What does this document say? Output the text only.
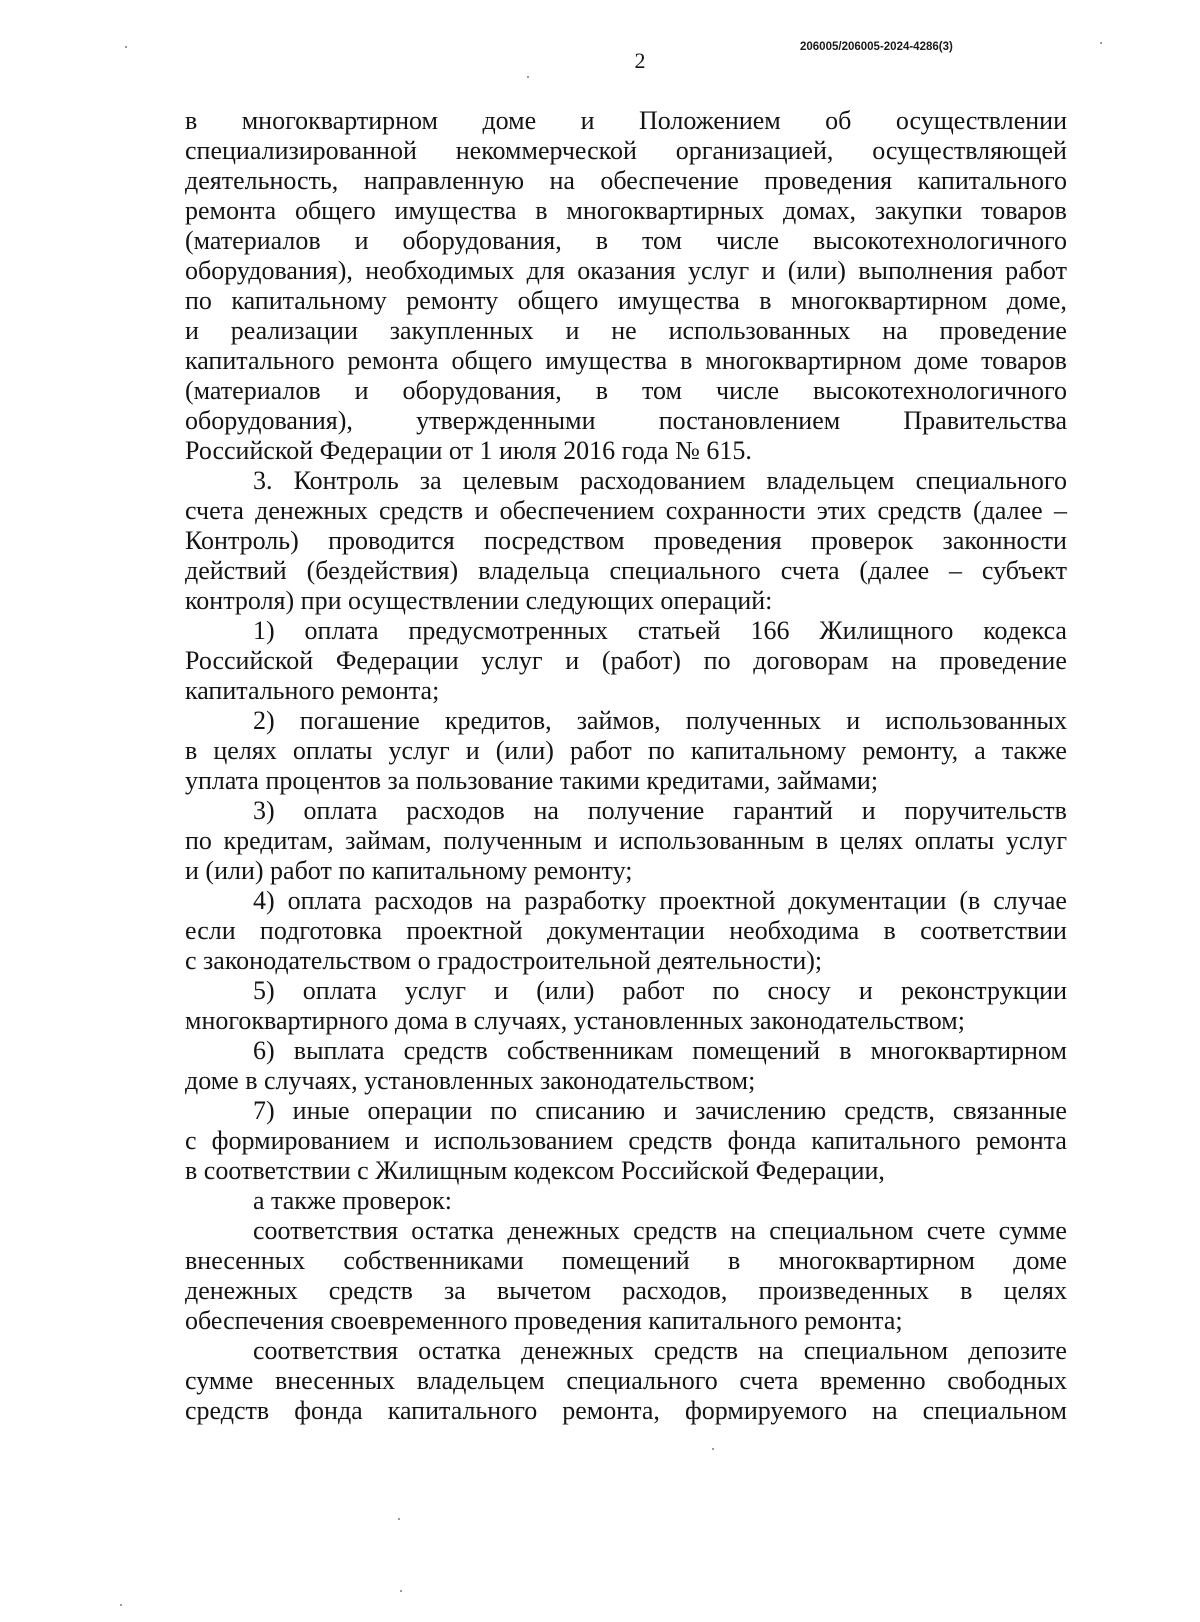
2
206005/206005-2024-4286(3)
в многоквартирном доме и Положением об осуществлении
специализированной некоммерческой организацией, осуществляющей
деятельность, направленную на обеспечение проведения капитального
ремонта общего имущества в многоквартирных домах, закупки товаров
(материалов и оборудования, в том числе высокотехнологичного
оборудования), необходимых для оказания услуг и (или) выполнения работ
по капитальному ремонту общего имущества в многоквартирном доме,
и реализации закупленных и не использованных на проведение
капитального ремонта общего имущества в многоквартирном доме товаров
(материалов и оборудования, в том числе высокотехнологичного
оборудования), утвержденными постановлением Правительства
Российской Федерации от 1 июля 2016 года № 615.
3. Контроль за целевым расходованием владельцем специального
счета денежных средств и обеспечением сохранности этих средств (далее –
Контроль) проводится посредством проведения проверок законности
действий (бездействия) владельца специального счета (далее – субъект
контроля) при осуществлении следующих операций:
1) оплата предусмотренных статьей 166 Жилищного кодекса
Российской Федерации услуг и (работ) по договорам на проведение
капитального ремонта;
2) погашение кредитов, займов, полученных и использованных
в целях оплаты услуг и (или) работ по капитальному ремонту, а также
уплата процентов за пользование такими кредитами, займами;
3) оплата расходов на получение гарантий и поручительств
по кредитам, займам, полученным и использованным в целях оплаты услуг
и (или) работ по капитальному ремонту;
4) оплата расходов на разработку проектной документации (в случае
если подготовка проектной документации необходима в соответствии
с законодательством о градостроительной деятельности);
5) оплата услуг и (или) работ по сносу и реконструкции
многоквартирного дома в случаях, установленных законодательством;
6) выплата средств собственникам помещений в многоквартирном
доме в случаях, установленных законодательством;
7) иные операции по списанию и зачислению средств, связанные
с формированием и использованием средств фонда капитального ремонта
в соответствии с Жилищным кодексом Российской Федерации,
а также проверок:
соответствия остатка денежных средств на специальном счете сумме
внесенных собственниками помещений в многоквартирном доме
денежных средств за вычетом расходов, произведенных в целях
обеспечения своевременного проведения капитального ремонта;
соответствия остатка денежных средств на специальном депозите
сумме внесенных владельцем специального счета временно свободных
средств фонда капитального ремонта, формируемого на специальном
